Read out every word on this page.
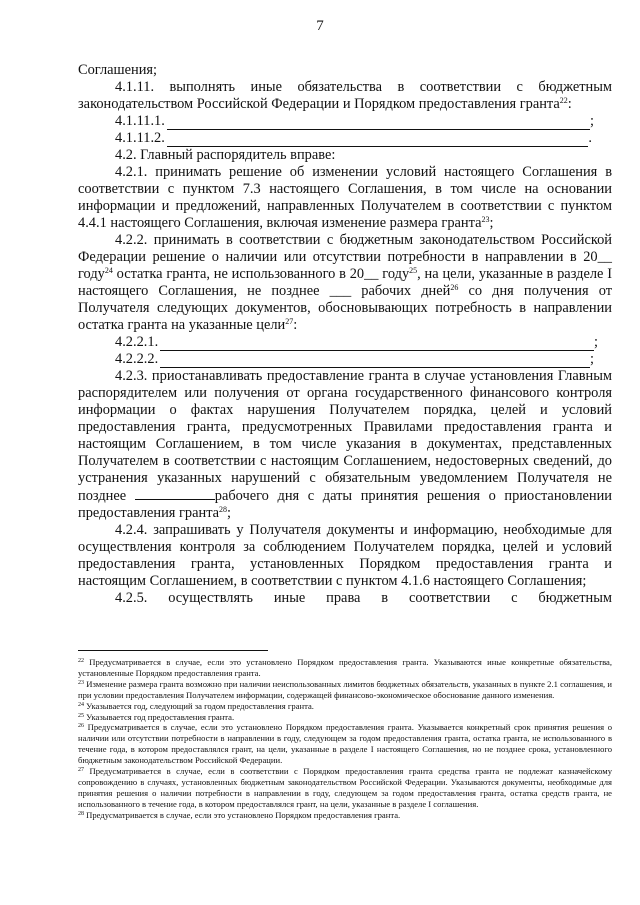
7

Соглашения;

4.1.11. выполнять иные обязательства в соответствии с бюджетным законодательством Российской Федерации и Порядком предоставления гранта$^{22}$:

4.1.11.1.	;
4.1.11.2.	.

4.2. Главный распорядитель вправе:

4.2.1. принимать решение об изменении условий настоящего Соглашения в соответствии с пунктом 7.3 настоящего Соглашения, в том числе на основании информации и предложений, направленных Получателем в соответствии с пунктом 4.4.1 настоящего Соглашения, включая изменение размера гранта$^{23}$;

4.2.2. принимать в соответствии с бюджетным законодательством Российской Федерации решение о наличии или отсутствии потребности в направлении в 20__ году$^{24}$ остатка гранта, не использованного в 20__ году$^{25}$, на цели, указанные в разделе I настоящего Соглашения, не позднее ___ рабочих дней$^{26}$ со дня получения от Получателя следующих документов, обосновывающих потребность в направлении остатка гранта на указанные цели$^{27}$:

4.2.2.1.	;
4.2.2.2.	;

4.2.3. приостанавливать предоставление гранта в случае установления Главным распорядителем или получения от органа государственного финансового контроля информации о фактах нарушения Получателем порядка, целей и условий предоставления гранта, предусмотренных Правилами предоставления гранта и настоящим Соглашением, в том числе указания в документах, представленных Получателем в соответствии с настоящим Соглашением, недостоверных сведений, до устранения указанных нарушений с обязательным уведомлением Получателя не позднее	рабочего дня с даты принятия решения о приостановлении предоставления гранта$^{28}$;

4.2.4. запрашивать у Получателя документы и информацию, необходимые для осуществления контроля за соблюдением Получателем порядка, целей и условий предоставления гранта, установленных Порядком предоставления гранта и настоящим Соглашением, в соответствии с пунктом 4.1.6 настоящего Соглашения;

4.2.5. осуществлять иные права в соответствии с бюджетным

$^{22}$ Предусматривается в случае, если это установлено Порядком предоставления гранта. Указываются иные конкретные обязательства, установленные Порядком предоставления гранта.

$^{23}$ Изменение размера гранта возможно при наличии неиспользованных лимитов бюджетных обязательств, указанных в пункте 2.1 соглашения, и при условии предоставления Получателем информации, содержащей финансово-экономическое обоснование данного изменения.

$^{24}$ Указывается год, следующий за годом предоставления гранта.

$^{25}$ Указывается год предоставления гранта.

$^{26}$ Предусматривается в случае, если это установлено Порядком предоставления гранта. Указывается конкретный срок принятия решения о наличии или отсутствии потребности в направлении в году, следующем за годом предоставления гранта, остатка гранта, не использованного в течение года, в котором предоставлялся грант, на цели, указанные в разделе I настоящего Соглашения, но не позднее срока, установленного бюджетным законодательством Российской Федерации.

$^{27}$ Предусматривается в случае, если в соответствии с Порядком предоставления гранта средства гранта не подлежат казначейскому сопровождению в случаях, установленных бюджетным законодательством Российской Федерации. Указываются документы, необходимые для принятия решения о наличии потребности в направлении в году, следующем за годом предоставления гранта, остатка средств гранта, не использованного в течение года, в котором предоставлялся грант, на цели, указанные в разделе I соглашения.

$^{28}$ Предусматривается в случае, если это установлено Порядком предоставления гранта.
